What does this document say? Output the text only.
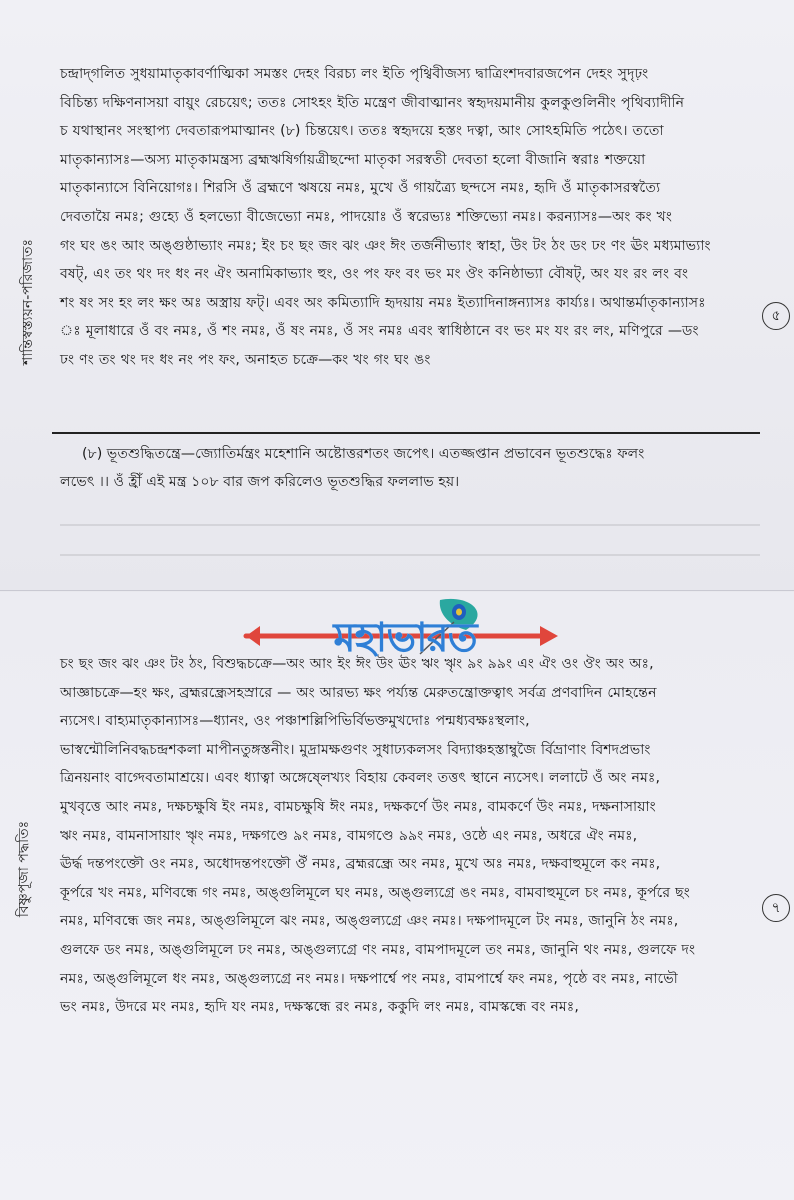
শান্তিস্বস্ত্যয়ন-পরিজাতঃ	৫
চন্দ্রাদ্‌গলিত সুধয়ামাতৃকাবর্ণাত্মিকা সমস্তং দেহং বিরচ্য লং ইতি পৃথ্বিবীজস্য দ্বাত্রিংশদবারজপেন দেহং সুদৃঢ়ং
বিচিন্ত্য দক্ষিণনাসয়া বায়ুং রেচয়েৎ; ততঃ সোঽহং ইতি মন্ত্রেণ জীবাত্মানং স্বহৃদয়মানীয় কুলকুণ্ডলিনীং পৃথিব্যাদীনি
চ যথাস্থানং সংস্থাপ্য দেবতারূপমাত্মানং (৮) চিন্তয়েৎ। ততঃ স্বহৃদয়ে হস্তং দত্বা, আং সোঽহমিতি পঠেৎ। ততো
মাতৃকান্যাসঃ—অস্য মাতৃকামন্ত্রস্য ব্রহ্মঋষির্গায়ত্রীছন্দো মাতৃকা সরস্বতী দেবতা হলো বীজানি স্বরাঃ শক্তয়ো
মাতৃকান্যাসে বিনিয়োগঃ। শিরসি ওঁ ব্রহ্মণে ঋষয়ে নমঃ, মুখে ওঁ গায়ত্র্যৈ ছন্দসে নমঃ, হৃদি ওঁ মাতৃকাসরস্বত্যৈ
দেবতায়ৈ নমঃ; গুহ্যে ওঁ হলভ্যো বীজেভ্যো নমঃ, পাদয়োঃ ওঁ স্বরেভ্যঃ শক্তিভ্যো নমঃ। করন্যাসঃ—অং কং খং
গং ঘং ঙং আং অঙ্গুষ্ঠাভ্যাং নমঃ; ইং চং ছং জং ঝং ঞং ঈং তর্জনীভ্যাং স্বাহা, উং টং ঠং ডং ঢং ণং ঊং মধ্যমাভ্যাং
বষট্‌, এং তং থং দং ধং নং ঐং অনামিকাভ্যাং হুং, ওং পং ফং বং ভং মং ঔং কনিষ্ঠাভ্যা বৌষট্‌, অং যং রং লং বং
শং ষং সং হং লং ক্ষং অঃ অস্ত্রায় ফট্‌। এবং অং কমিত্যাদি হৃদয়ায় নমঃ ইত্যাদিনাঙ্গন্যাসঃ কার্য্যঃ। অথান্তর্মাতৃকান্যাসঃ
ঃ মূলাধারে ওঁ বং নমঃ, ওঁ শং নমঃ, ওঁ ষং নমঃ, ওঁ সং নমঃ এবং স্বাধিষ্ঠানে বং ভং মং যং রং লং, মণিপুরে —ডং
ঢং ণং তং থং দং ধং নং পং ফং, অনাহত চক্রে—কং খং গং ঘং ঙং
(৮) ভূতশুদ্ধিতন্ত্রে—জ্যোতির্মন্ত্রং মহেশানি অষ্টোত্তরশতং জপেৎ। এতজ্জপ্তান প্রভাবেন ভূতশুদ্ধেঃ ফলং
লভেৎ ।। ওঁ হ্রীঁ এই মন্ত্র ১০৮ বার জপ করিলেও ভূতশুদ্ধির ফললাভ হয়।
বিষ্ণুপূজা পদ্ধতিঃ	৭
চং ছং জং ঝং ঞং টং ঠং, বিশুদ্ধচক্রে—অং আং ইং ঈং উং ঊং ঋং ৠং ৯ং ৯৯ং এং ঐং ওং ঔং অং অঃ,
আজ্ঞাচক্রে—হং ক্ষং, ব্রহ্মরন্ধ্রেসহস্রারে — অং আরভ্য ক্ষং পর্য্যন্ত মেরুতন্ত্রোক্তত্বাৎ সর্বত্র প্রণবাদিন মোহন্তেন
ন্যসেৎ। বাহ্যমাতৃকান্যাসঃ—ধ্যানং, ওং পঞ্চাশল্লিপিভির্বিভক্তমুখদোঃ পন্মধ্যবক্ষঃস্থলাং,
ভাস্বন্মৌলিনিবদ্ধচন্দ্রশকলা মাপীনতুঙ্গস্তনীং। মুদ্রামক্ষগুণং সুধাঢ্যকলসং বিদ্যাঞ্চহস্তাম্বুজৈ র্বিভ্রাণাং বিশদপ্রভাং
ত্রিনয়নাং বাগ্দেবতামাশ্রয়ে। এবং ধ্যাত্বা অঙ্গেষ্লেখ্যং বিহায় কেবলং তত্তৎ স্থানে ন্যসেৎ। ললাটে ওঁ অং নমঃ,
মুখবৃত্তে আং নমঃ, দক্ষচক্ষুষি ইং নমঃ, বামচক্ষুষি ঈং নমঃ, দক্ষকর্ণে উং নমঃ, বামকর্ণে উং নমঃ, দক্ষনাসায়াং
ঋং নমঃ, বামনাসায়াং ৠং নমঃ, দক্ষগণ্ডে ৯ং নমঃ, বামগণ্ডে ৯৯ং নমঃ, ওষ্ঠে এং নমঃ, অধরে ঐং নমঃ,
ঊর্দ্ধ দন্তপংক্তৌ ওং নমঃ, অধোদন্তপংক্তৌ ঔঁ নমঃ, ব্রহ্মরন্ধ্রে অং নমঃ, মুখে অঃ নমঃ, দক্ষবাহুমূলে কং নমঃ,
কূর্পরে খং নমঃ, মণিবন্ধে গং নমঃ, অঙ্গুলিমূলে ঘং নমঃ, অঙ্গুল্যগ্রে ঙং নমঃ, বামবাহুমূলে চং নমঃ, কূর্পরে ছং
নমঃ, মণিবন্ধে জং নমঃ, অঙ্গুলিমূলে ঝং নমঃ, অঙ্গুল্যগ্রে ঞং নমঃ। দক্ষপাদমূলে টং নমঃ, জানুনি ঠং নমঃ,
গুলফে ডং নমঃ, অঙ্গুলিমূলে ঢং নমঃ, অঙ্গুল্যগ্রে ণং নমঃ, বামপাদমূলে তং নমঃ, জানুনি থং নমঃ, গুলফে দং
নমঃ, অঙ্গুলিমূলে ধং নমঃ, অঙ্গুল্যগ্রে নং নমঃ। দক্ষপার্শ্বে পং নমঃ, বামপার্শ্বে ফং নমঃ, পৃষ্ঠে বং নমঃ, নাভৌ
ভং নমঃ, উদরে মং নমঃ, হৃদি যং নমঃ, দক্ষস্কন্ধে রং নমঃ, ককুদি লং নমঃ, বামস্কন্ধে বং নমঃ,
মহাভারত
